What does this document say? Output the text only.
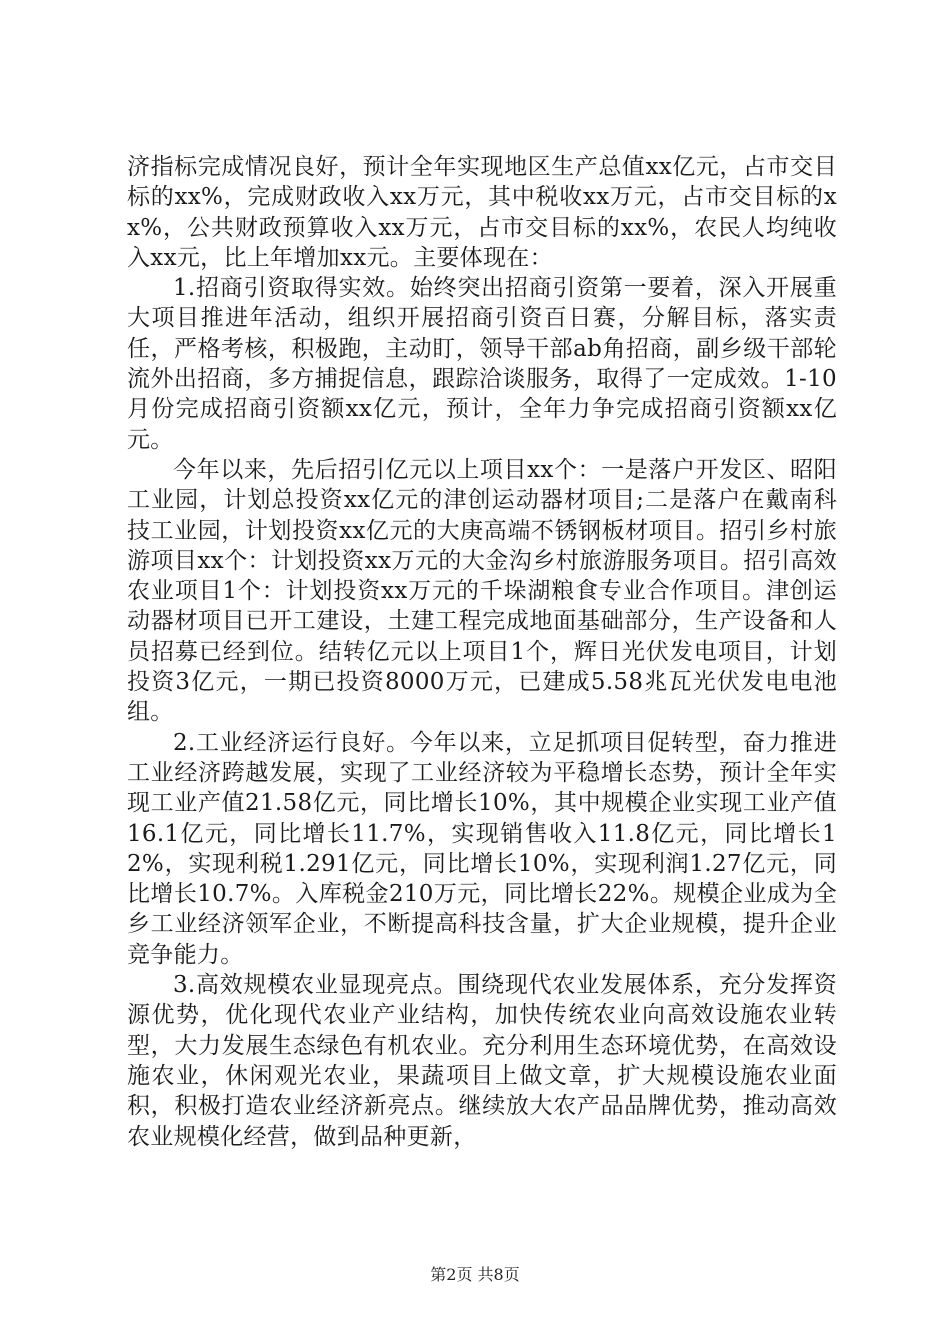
济指标完成情况良好，预计全年实现地区生产总值xx亿元，占市交目标的xx%，完成财政收入xx万元，其中税收xx万元，占市交目标的xx%，公共财政预算收入xx万元，占市交目标的xx%，农民人均纯收入xx元，比上年增加xx元。主要体现在：

1.招商引资取得实效。始终突出招商引资第一要着，深入开展重大项目推进年活动，组织开展招商引资百日赛，分解目标，落实责任，严格考核，积极跑，主动盯，领导干部ab角招商，副乡级干部轮流外出招商，多方捕捉信息，跟踪洽谈服务，取得了一定成效。1-10月份完成招商引资额xx亿元，预计，全年力争完成招商引资额xx亿元。

今年以来，先后招引亿元以上项目xx个：一是落户开发区、昭阳工业园，计划总投资xx亿元的津创运动器材项目;二是落户在戴南科技工业园，计划投资xx亿元的大庚高端不锈钢板材项目。招引乡村旅游项目xx个：计划投资xx万元的大金沟乡村旅游服务项目。招引高效农业项目1个：计划投资xx万元的千垛湖粮食专业合作项目。津创运动器材项目已开工建设，土建工程完成地面基础部分，生产设备和人员招募已经到位。结转亿元以上项目1个，辉日光伏发电项目，计划投资3亿元，一期已投资8000万元，已建成5.58兆瓦光伏发电电池组。

2.工业经济运行良好。今年以来，立足抓项目促转型，奋力推进工业经济跨越发展，实现了工业经济较为平稳增长态势，预计全年实现工业产值21.58亿元，同比增长10%，其中规模企业实现工业产值16.1亿元，同比增长11.7%，实现销售收入11.8亿元，同比增长12%，实现利税1.291亿元，同比增长10%，实现利润1.27亿元，同比增长10.7%。入库税金210万元，同比增长22%。规模企业成为全乡工业经济领军企业，不断提高科技含量，扩大企业规模，提升企业竞争能力。

3.高效规模农业显现亮点。围绕现代农业发展体系，充分发挥资源优势，优化现代农业产业结构，加快传统农业向高效设施农业转型，大力发展生态绿色有机农业。充分利用生态环境优势，在高效设施农业，休闲观光农业，果蔬项目上做文章，扩大规模设施农业面积，积极打造农业经济新亮点。继续放大农产品品牌优势，推动高效农业规模化经营，做到品种更新，

第2页 共8页
